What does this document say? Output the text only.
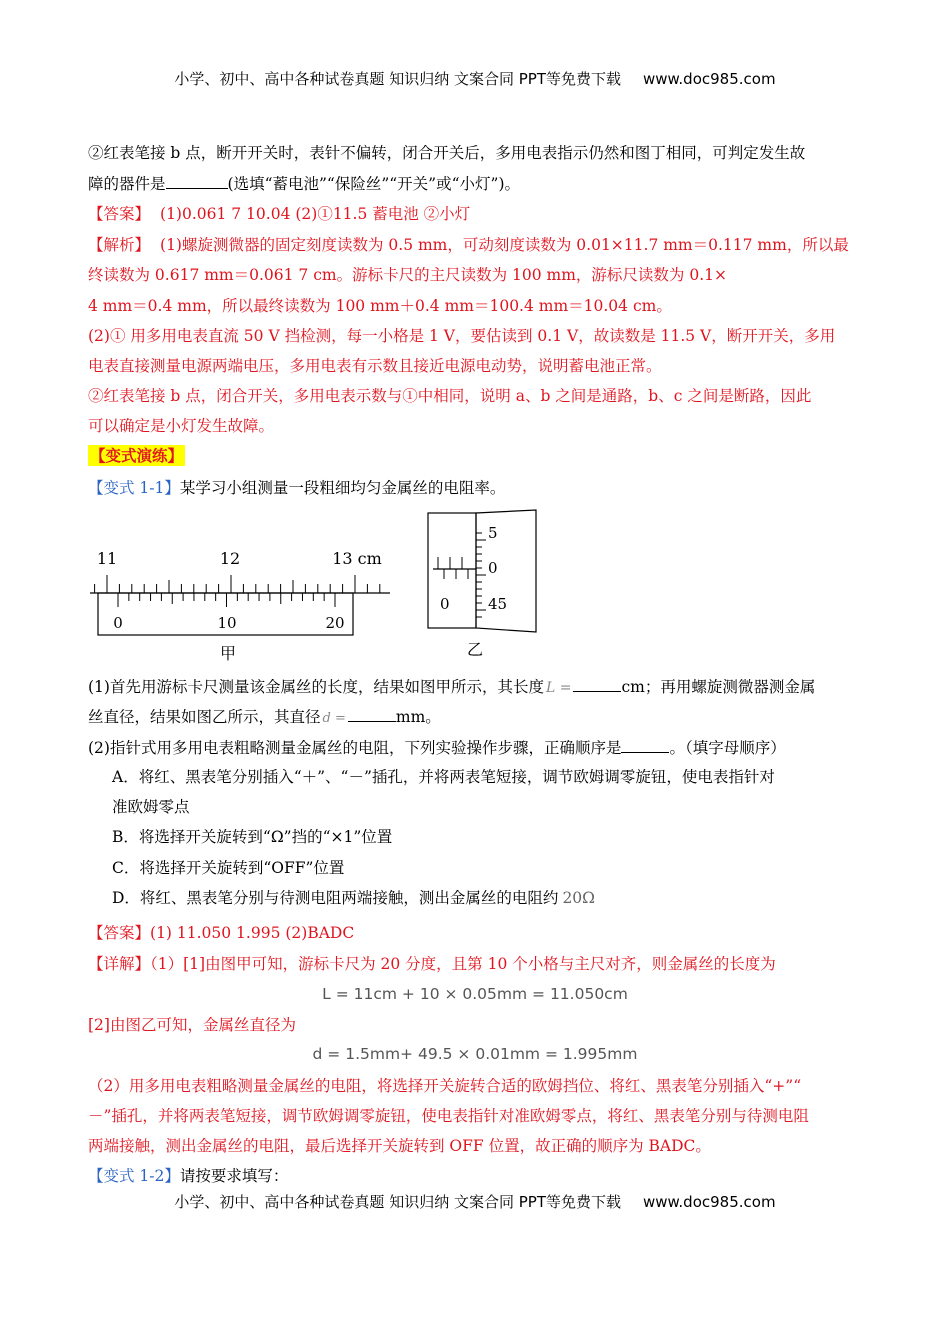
小学、初中、高中各种试卷真题 知识归纳 文案合同 PPT等免费下载 www.doc985.com
②红表笔接 b 点，断开开关时，表针不偏转，闭合开关后，多用电表指示仍然和图丁相同，可判定发生故
障的器件是	(选填“蓄电池”“保险丝”“开关”或“小灯”)。
【答案】 (1)0.061 7 10.04 (2)①11.5 蓄电池 ②小灯
【解析】 (1)螺旋测微器的固定刻度读数为 0.5 mm，可动刻度读数为 0.01×11.7 mm＝0.117 mm，所以最
终读数为 0.617 mm＝0.061 7 cm。游标卡尺的主尺读数为 100 mm，游标尺读数为 0.1×
4 mm＝0.4 mm，所以最终读数为 100 mm＋0.4 mm＝100.4 mm＝10.04 cm。
(2)① 用多用电表直流 50 V 挡检测，每一小格是 1 V，要估读到 0.1 V，故读数是 11.5 V，断开开关，多用
电表直接测量电源两端电压，多用电表有示数且接近电源电动势，说明蓄电池正常。
②红表笔接 b 点，闭合开关，多用电表示数与①中相同，说明 a、b 之间是通路，b、c 之间是断路，因此
可以确定是小灯发生故障。
【变式演练】
【变式 1-1】某学习小组测量一段粗细均匀金属丝的电阻率。
11	12	13 cm
0	10	20
甲
5
0
45
0
乙
(1)首先用游标卡尺测量该金属丝的长度，结果如图甲所示，其长度 L =	cm；再用螺旋测微器测金属
丝直径，结果如图乙所示，其直径 d =	mm。
(2)指针式用多用电表粗略测量金属丝的电阻，下列实验操作步骤，正确顺序是	。（填字母顺序）
A．将红、黑表笔分别插入“＋”、“－”插孔，并将两表笔短接，调节欧姆调零旋钮，使电表指针对
准欧姆零点
B．将选择开关旋转到“Ω”挡的“×1”位置
C．将选择开关旋转到“OFF”位置
D．将红、黑表笔分别与待测电阻两端接触，测出金属丝的电阻约 20Ω
【答案】(1) 11.050 1.995 (2)BADC
【详解】（1）[1]由图甲可知，游标卡尺为 20 分度，且第 10 个小格与主尺对齐，则金属丝的长度为
L = 11cm + 10 × 0.05mm = 11.050cm
[2]由图乙可知，金属丝直径为
d = 1.5mm+ 49.5 × 0.01mm = 1.995mm
（2）用多用电表粗略测量金属丝的电阻，将选择开关旋转合适的欧姆挡位、将红、黑表笔分别插入“+”“
－”插孔，并将两表笔短接，调节欧姆调零旋钮，使电表指针对准欧姆零点，将红、黑表笔分别与待测电阻
两端接触，测出金属丝的电阻，最后选择开关旋转到 OFF 位置，故正确的顺序为 BADC。
【变式 1-2】请按要求填写：
小学、初中、高中各种试卷真题 知识归纳 文案合同 PPT等免费下载 www.doc985.com
